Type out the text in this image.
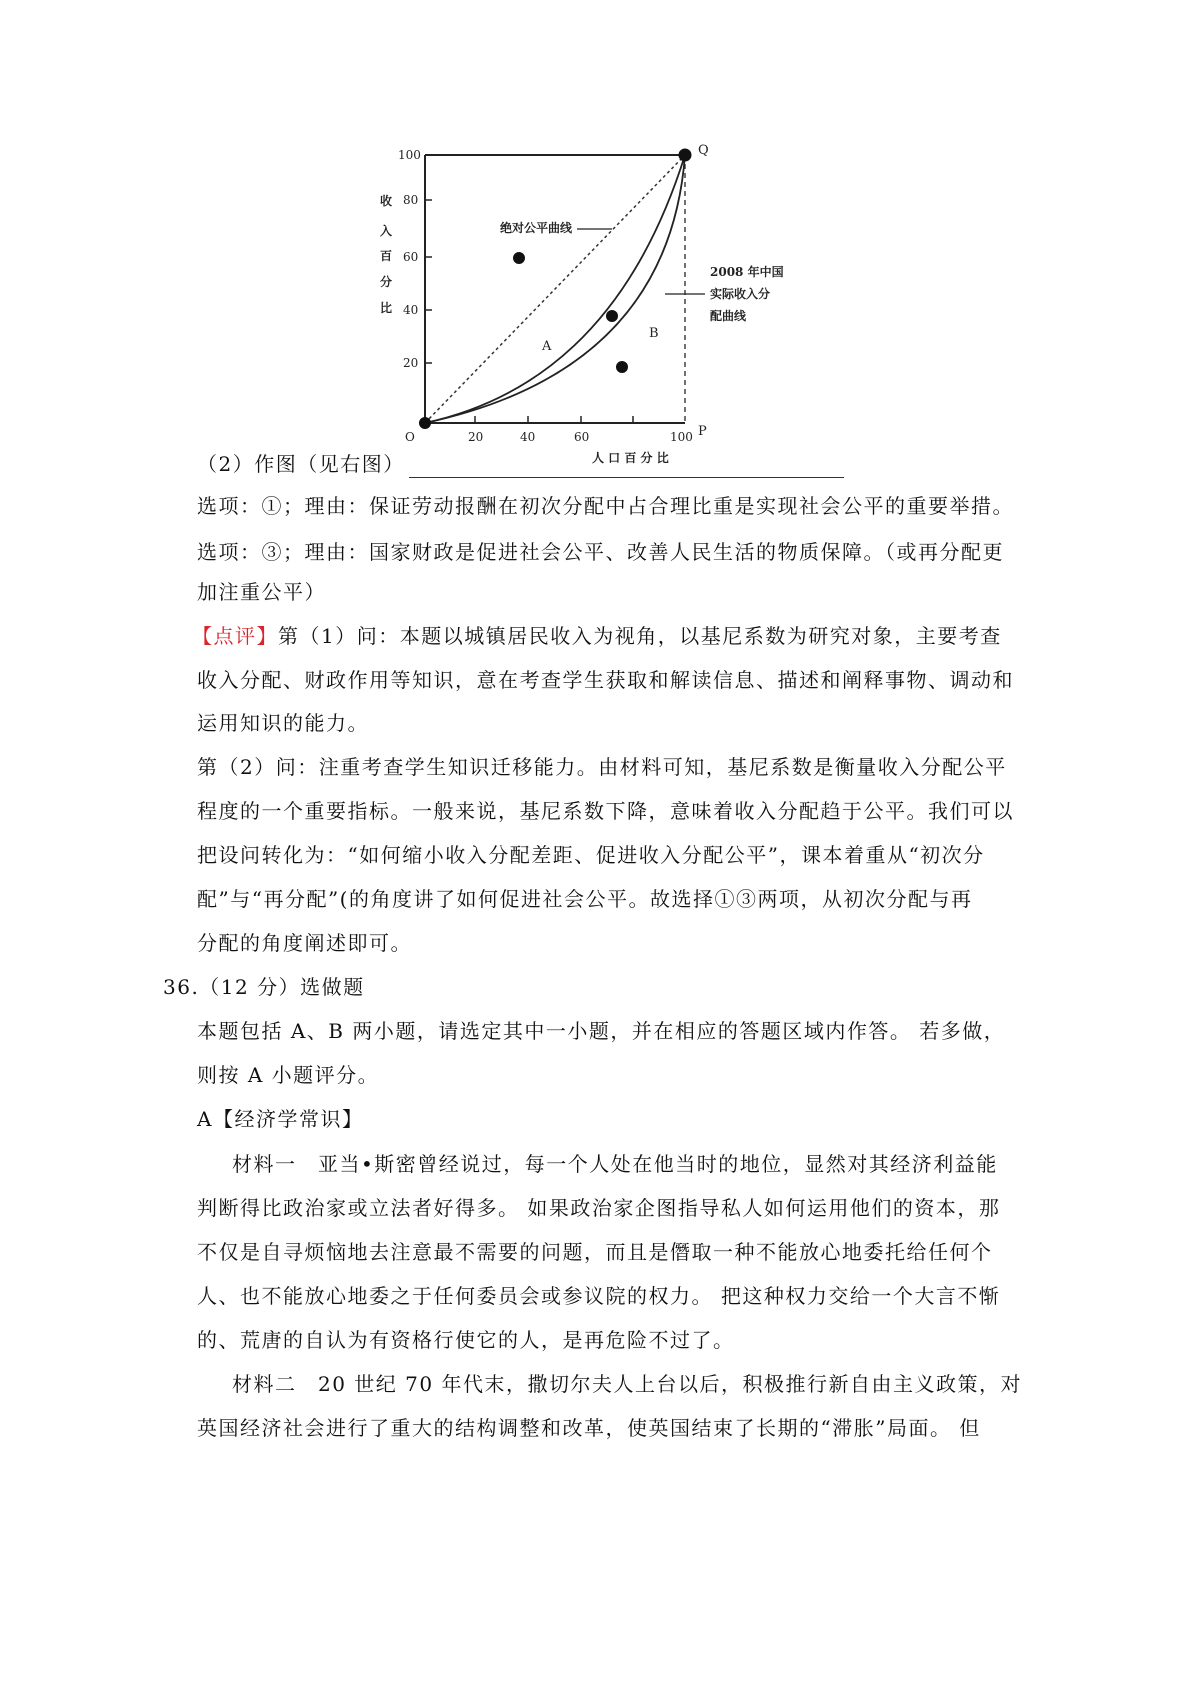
100
80
60
40
20
收
入
百
分
比
O	20	40	60	100 P
Q
人 口 百 分 比
绝对公平曲线
2008 年中国
实际收入分
配曲线
A
B
（2）作图（见右图）
选项：①；理由：保证劳动报酬在初次分配中占合理比重是实现社会公平的重要举措。
选项：③；理由：国家财政是促进社会公平、改善人民生活的物质保障。（或再分配更
加注重公平）
【点评】第（1）问：本题以城镇居民收入为视角，以基尼系数为研究对象，主要考查
收入分配、财政作用等知识，意在考查学生获取和解读信息、描述和阐释事物、调动和
运用知识的能力。
第（2）问：注重考查学生知识迁移能力。由材料可知，基尼系数是衡量收入分配公平
程度的一个重要指标。一般来说，基尼系数下降，意味着收入分配趋于公平。我们可以
把设问转化为：“如何缩小收入分配差距、促进收入分配公平”，课本着重从“初次分
配”与“再分配”(的角度讲了如何促进社会公平。故选择①③两项，从初次分配与再
分配的角度阐述即可。
36.（12 分）选做题
本题包括 A、B 两小题，请选定其中一小题，并在相应的答题区域内作答。 若多做，
则按 A 小题评分。
A【经济学常识】
材料一　亚当•斯密曾经说过，每一个人处在他当时的地位，显然对其经济利益能
判断得比政治家或立法者好得多。 如果政治家企图指导私人如何运用他们的资本，那
不仅是自寻烦恼地去注意最不需要的问题，而且是僭取一种不能放心地委托给任何个
人、也不能放心地委之于任何委员会或参议院的权力。 把这种权力交给一个大言不惭
的、荒唐的自认为有资格行使它的人，是再危险不过了。
材料二　20 世纪 70 年代末，撒切尔夫人上台以后，积极推行新自由主义政策，对
英国经济社会进行了重大的结构调整和改革，使英国结束了长期的“滞胀”局面。 但
